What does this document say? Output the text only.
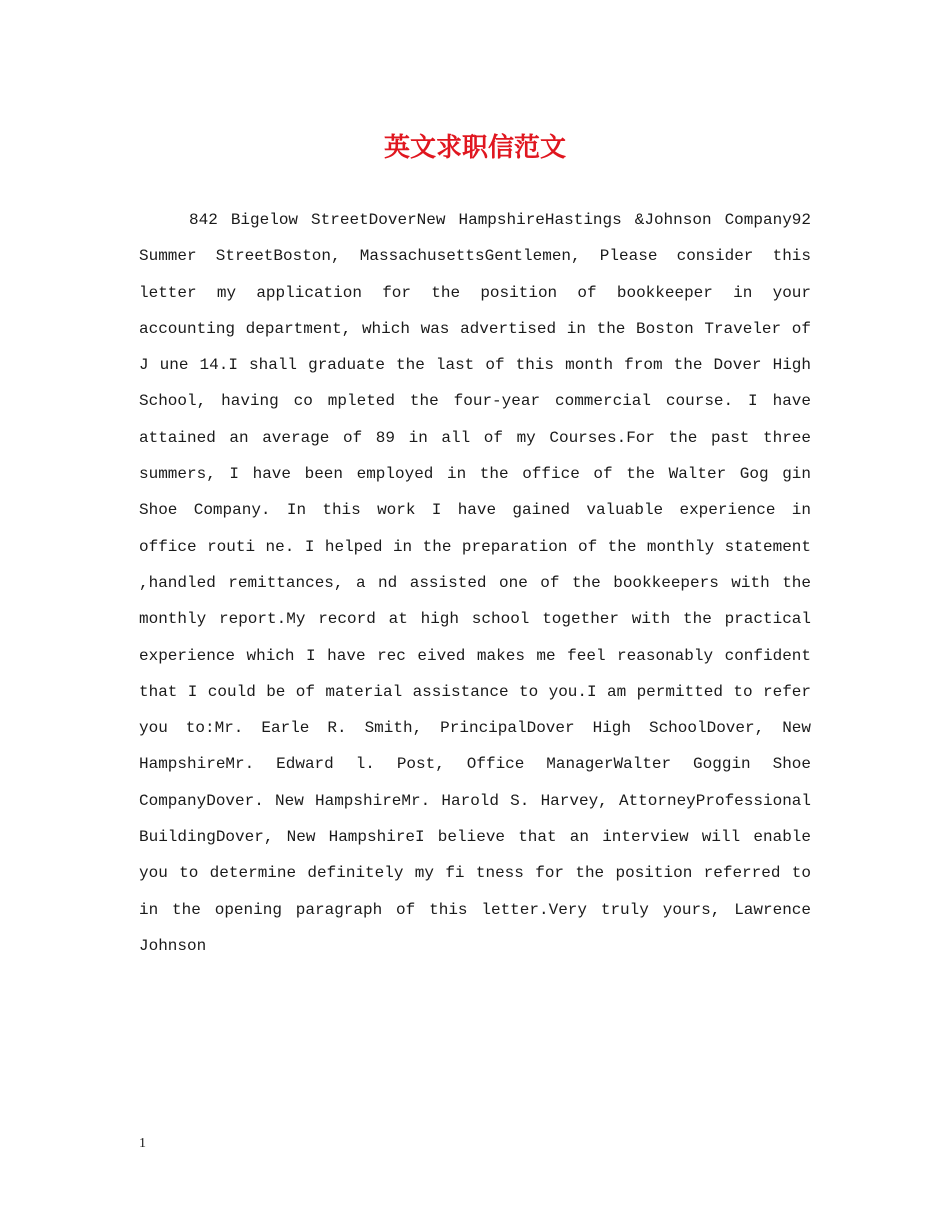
英文求职信范文

842 Bigelow StreetDoverNew HampshireHastings &Johnson Company92 Summer StreetBoston, MassachusettsGentlemen, Please consider this letter my application for the position of bookkeeper in your accounting department, which was advertised in the Boston Traveler of J une 14.I shall graduate the last of this month from the Dover High School, having co mpleted the four-year commercial course. I have attained an average of 89 in all of my Courses.For the past three summers, I have been employed in the office of the Walter Gog gin Shoe Company. In this work I have gained valuable experience in office routi ne. I helped in the preparation of the monthly statement ,handled remittances, a nd assisted one of the bookkeepers with the monthly report.My record at high school together with the practical experience which I have rec eived makes me feel reasonably confident that I could be of material assistance to you.I am permitted to refer you to:Mr. Earle R. Smith, PrincipalDover High SchoolDover, New HampshireMr. Edward l. Post, Office ManagerWalter Goggin Shoe CompanyDover. New HampshireMr. Harold S. Harvey, AttorneyProfessional BuildingDover, New HampshireI believe that an interview will enable you to determine definitely my fi tness for the position referred to in the opening paragraph of this letter.Very truly yours, Lawrence Johnson

1
